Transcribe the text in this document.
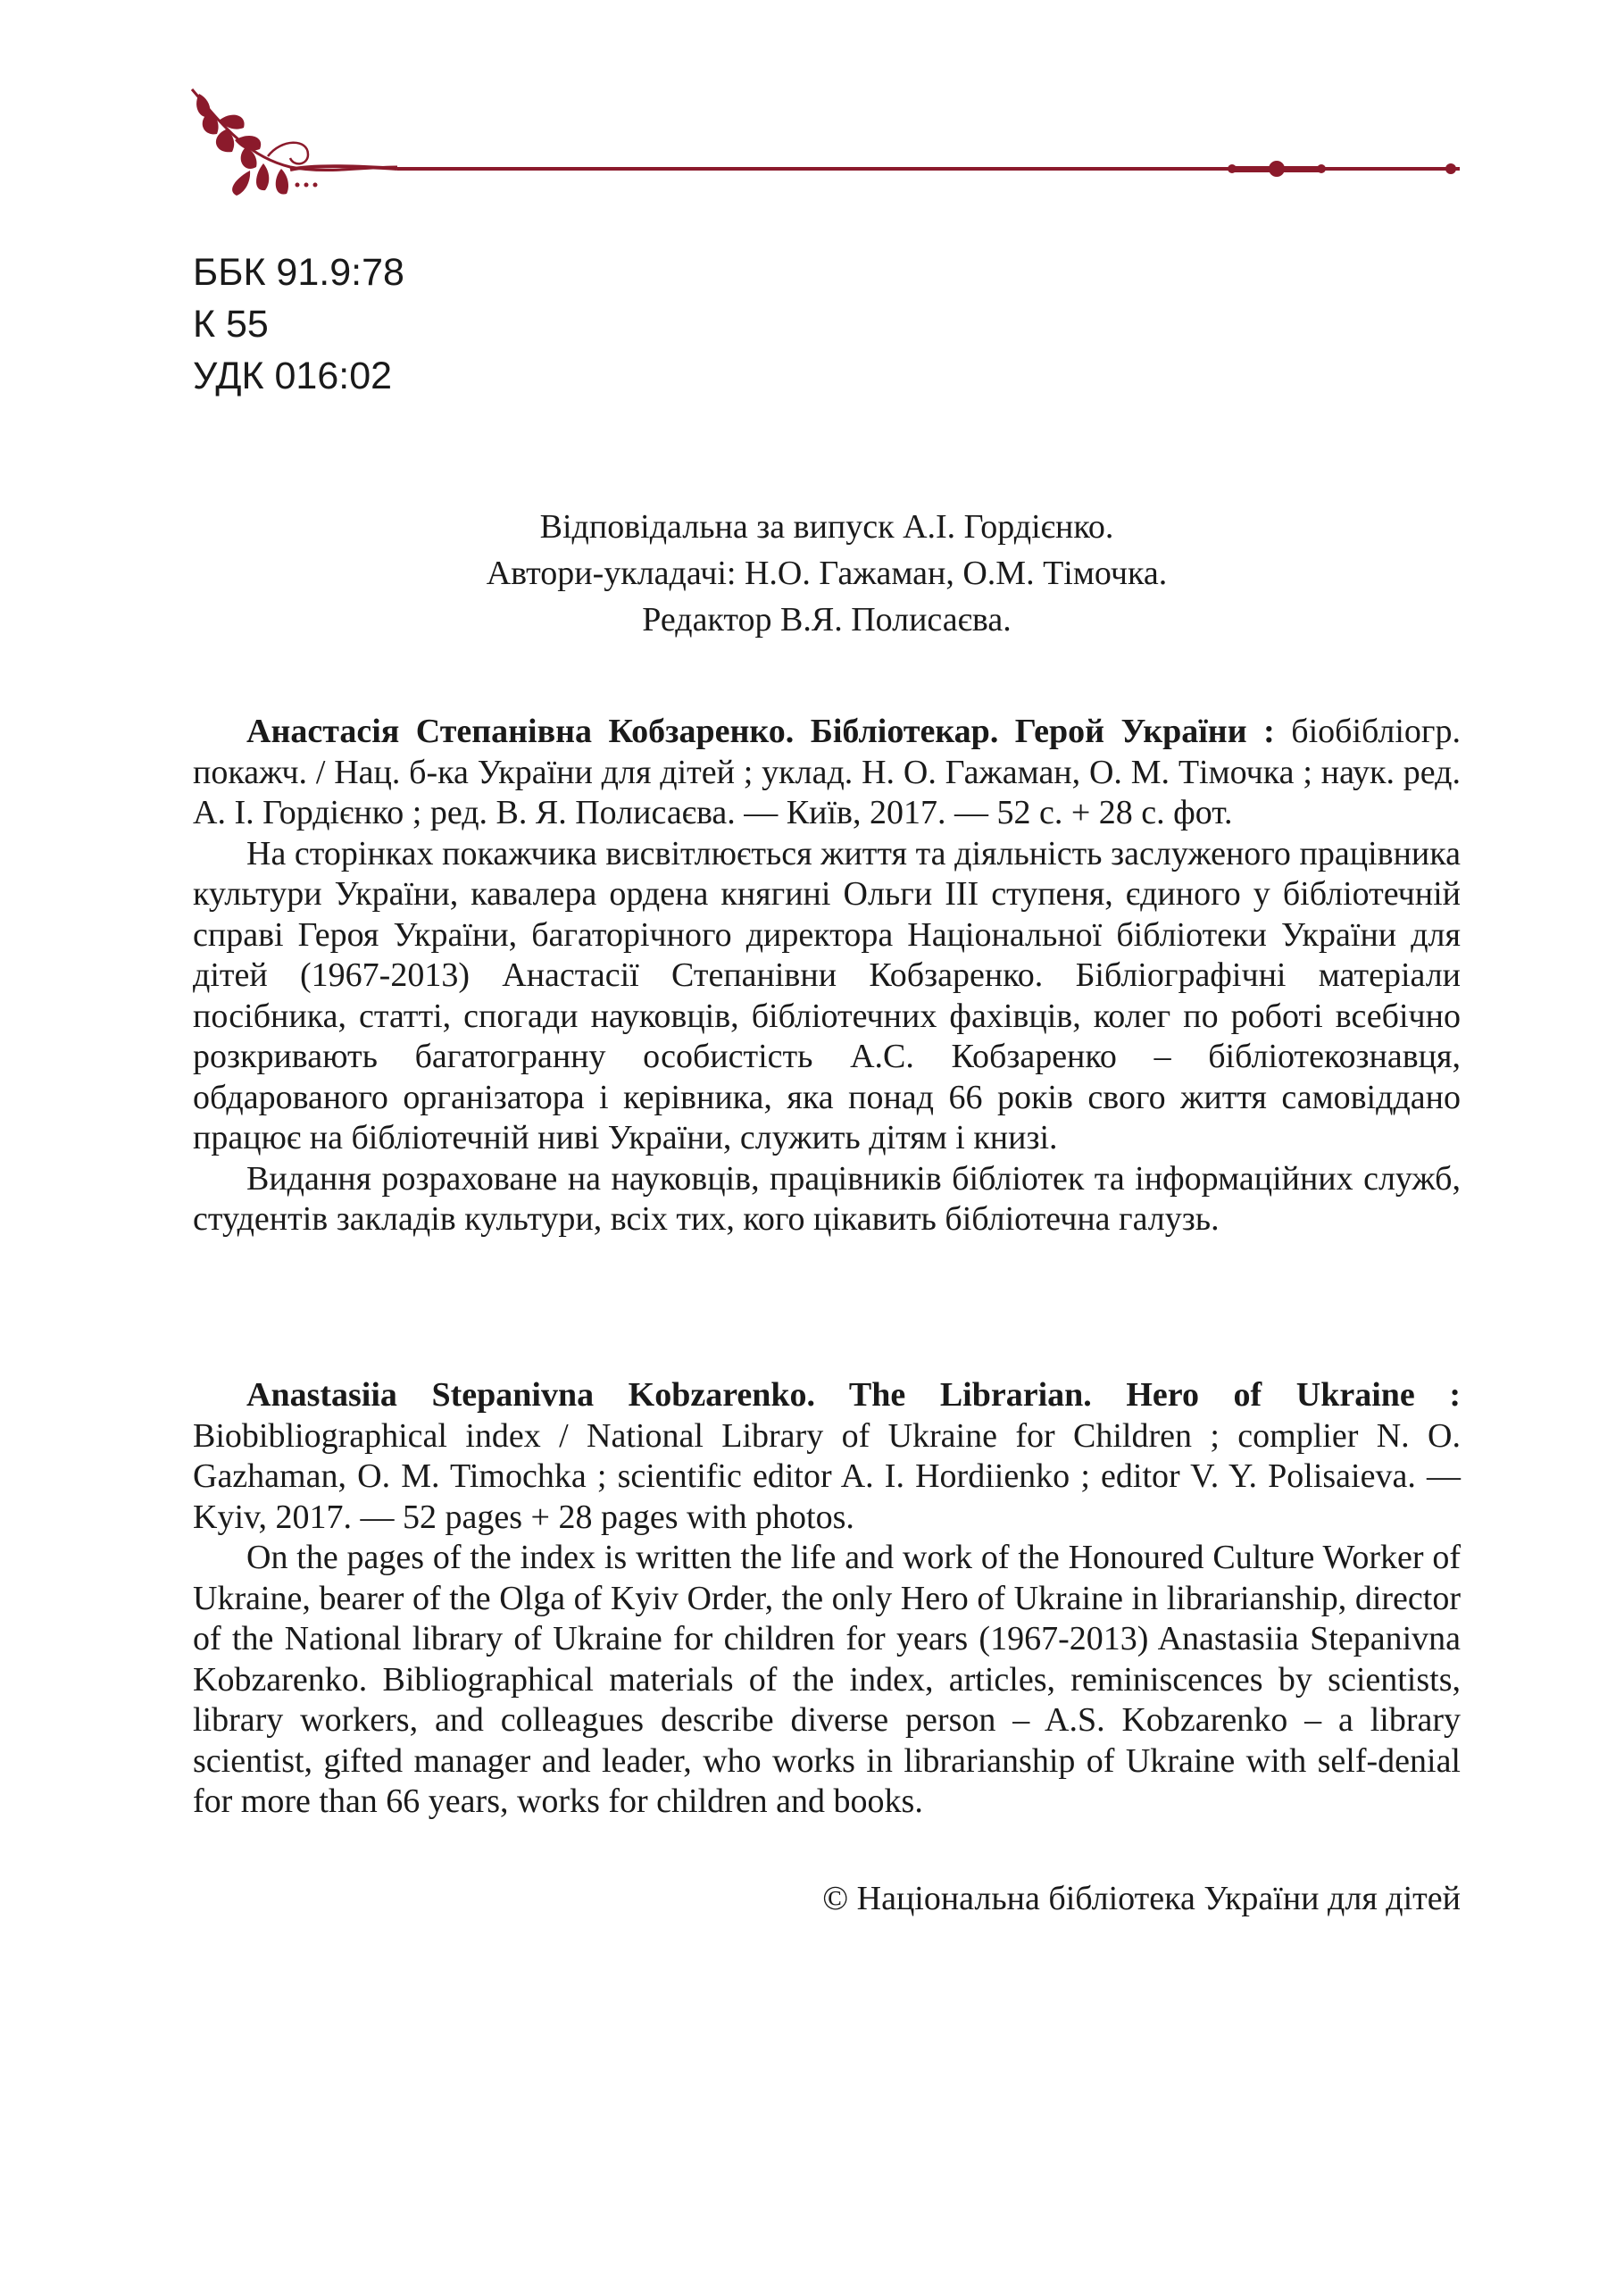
ББК 91.9:78
К 55
УДК 016:02
Відповідальна за випуск А.І. Гордієнко.
Автори-укладачі: Н.О. Гажаман, О.М. Тімочка.
Редактор В.Я. Полисаєва.

Анастасія Степанівна Кобзаренко. Бібліотекар. Герой України : біобібліогр. покажч. / Нац. б-ка України для дітей ; уклад. Н. О. Гажаман, О. М. Тімочка ; наук. ред. А. І. Гордієнко ; ред. В. Я. Полисаєва. — Київ, 2017. — 52 с. + 28 с. фот.

На сторінках покажчика висвітлюється життя та діяльність заслуженого працівника культури України, кавалера ордена княгині Ольги ІІІ ступеня, єдиного у бібліотечній справі Героя України, багаторічного директора Національної бібліотеки України для дітей (1967-2013) Анастасії Степанівни Кобзаренко. Бібліографічні матеріали посібника, статті, спогади науковців, бібліотечних фахівців, колег по роботі всебічно розкривають багатогранну особистість А.С. Кобзаренко – бібліотекознавця, обдарованого організатора і керівника, яка понад 66 років свого життя самовіддано працює на бібліотечній ниві України, служить дітям і книзі.

Видання розраховане на науковців, працівників бібліотек та інформаційних служб, студентів закладів культури, всіх тих, кого цікавить бібліотечна галузь.

Anastasiia Stepanivna Kobzarenko. The Librarian. Hero of Ukraine : Biobibliographical index / National Library of Ukraine for Children ; complier N. O. Gazhaman, O. M. Timochka ; scientific editor A. I. Hordiienko ; editor V. Y. Polisaieva. — Kyiv, 2017. — 52 pages + 28 pages with photos.

On the pages of the index is written the life and work of the Honoured Culture Worker of Ukraine, bearer of the Olga of Kyiv Order, the only Hero of Ukraine in librarianship, director of the National library of Ukraine for children for years (1967-2013) Anastasiia Stepanivna Kobzarenko. Bibliographical materials of the index, articles, reminiscences by scientists, library workers, and colleagues describe diverse person – A.S. Kobzarenko – a library scientist, gifted manager and leader, who works in librarianship of Ukraine with self-denial for more than 66 years, works for children and books.

© Національна бібліотека України для дітей
